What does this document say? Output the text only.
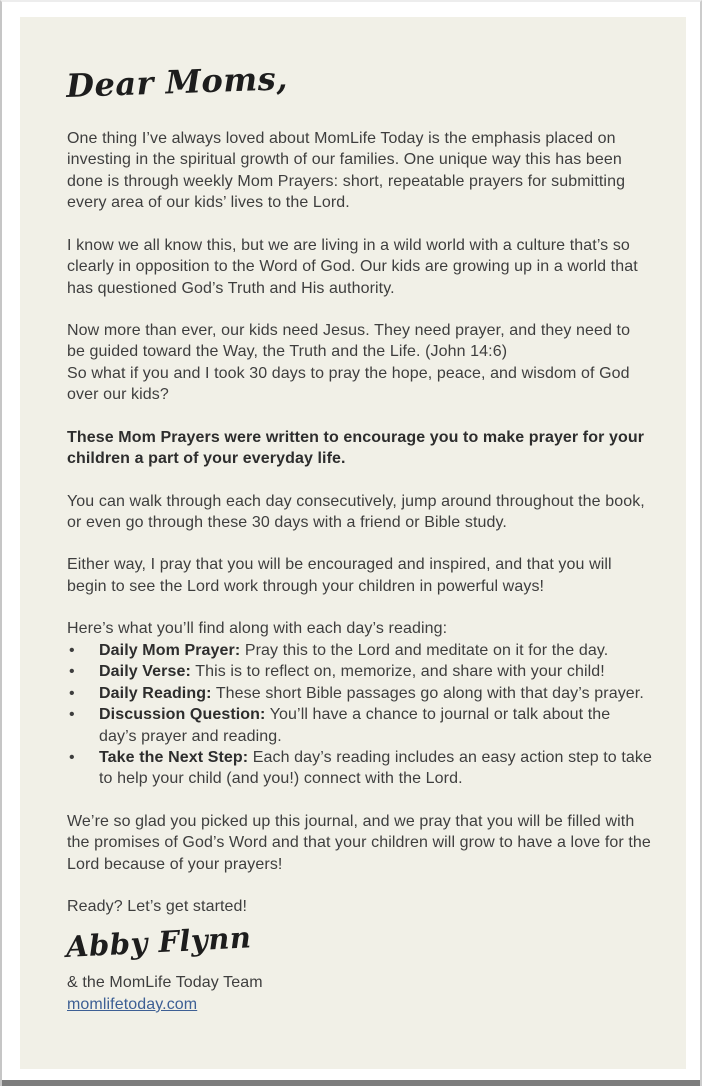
Dear Moms,

One thing I’ve always loved about MomLife Today is the emphasis placed on investing in the spiritual growth of our families. One unique way this has been done is through weekly Mom Prayers: short, repeatable prayers for submitting every area of our kids’ lives to the Lord.

I know we all know this, but we are living in a wild world with a culture that’s so clearly in opposition to the Word of God. Our kids are growing up in a world that has questioned God’s Truth and His authority.

Now more than ever, our kids need Jesus. They need prayer, and they need to be guided toward the Way, the Truth and the Life. (John 14:6)
So what if you and I took 30 days to pray the hope, peace, and wisdom of God over our kids?

These Mom Prayers were written to encourage you to make prayer for your children a part of your everyday life.

You can walk through each day consecutively, jump around throughout the book, or even go through these 30 days with a friend or Bible study.

Either way, I pray that you will be encouraged and inspired, and that you will begin to see the Lord work through your children in powerful ways!

Here’s what you’ll find along with each day’s reading:

•
Daily Mom Prayer: Pray this to the Lord and meditate on it for the day.
•
Daily Verse: This is to reflect on, memorize, and share with your child!
•
Daily Reading: These short Bible passages go along with that day’s prayer.
•
Discussion Question: You’ll have a chance to journal or talk about the day’s prayer and reading.
•
Take the Next Step: Each day’s reading includes an easy action step to take to help your child (and you!) connect with the Lord.

We’re so glad you picked up this journal, and we pray that you will be filled with the promises of God’s Word and that your children will grow to have a love for the Lord because of your prayers!

Ready? Let’s get started!

Abby Flynn

& the MomLife Today Team

momlifetoday.com
